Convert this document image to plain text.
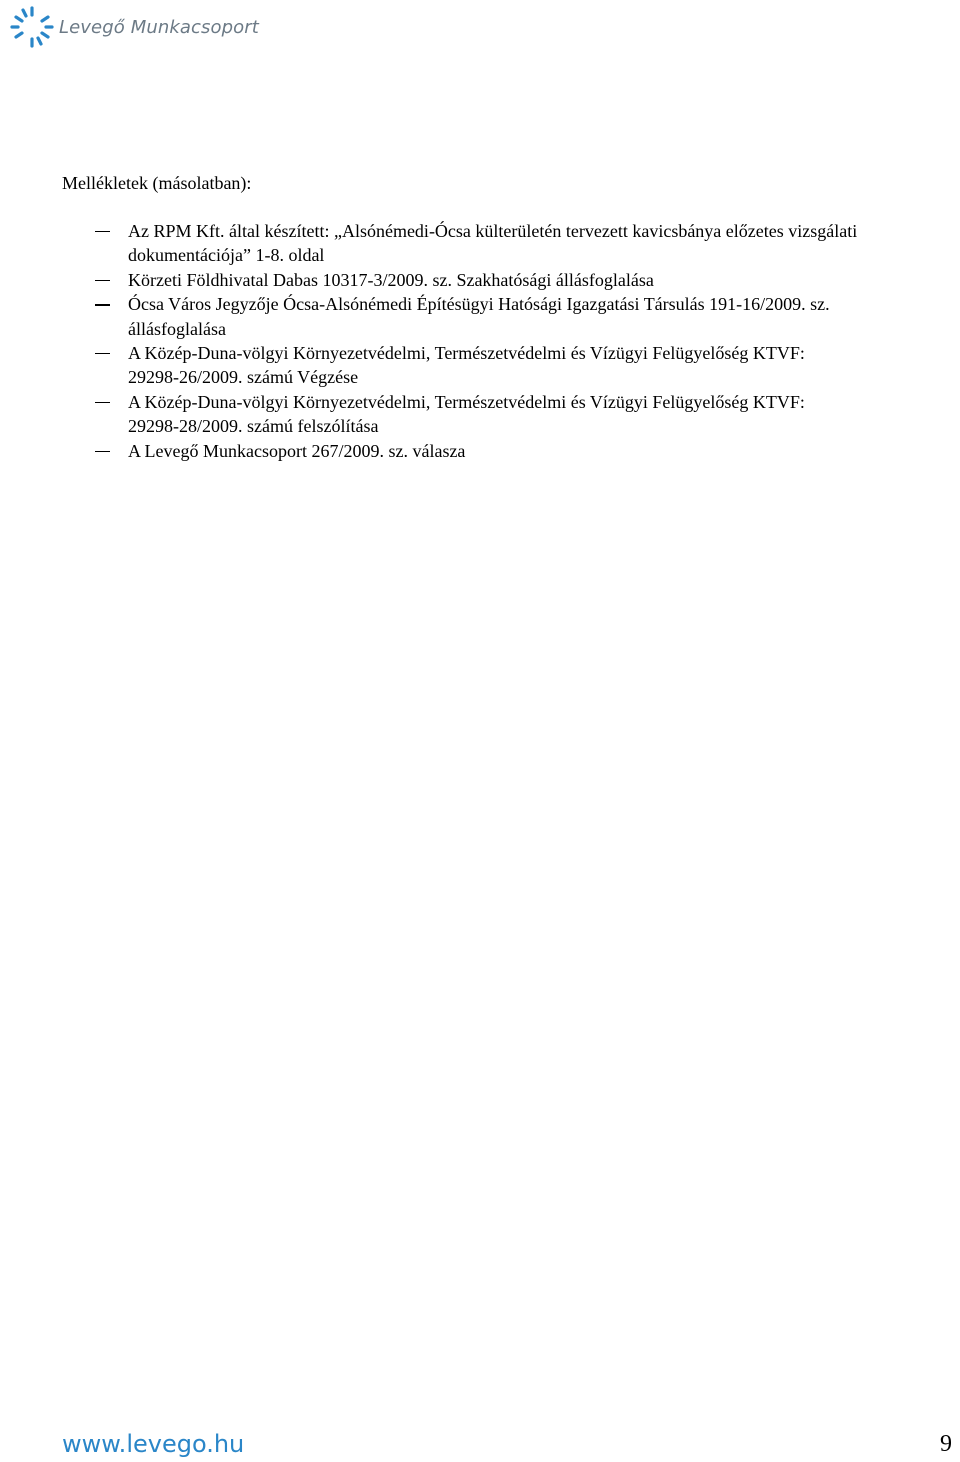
Levegő Munkacsoport
Mellékletek (másolatban):
Az RPM Kft. által készített: „Alsónémedi-Ócsa külterületén tervezett kavicsbánya előzetes vizsgálati
dokumentációja” 1-8. oldal
Körzeti Földhivatal Dabas 10317-3/2009. sz. Szakhatósági állásfoglalása
Ócsa Város Jegyzője Ócsa-Alsónémedi Építésügyi Hatósági Igazgatási Társulás 191-16/2009. sz.
állásfoglalása
A Közép-Duna-völgyi Környezetvédelmi, Természetvédelmi és Vízügyi Felügyelőség KTVF:
29298-26/2009. számú Végzése
A Közép-Duna-völgyi Környezetvédelmi, Természetvédelmi és Vízügyi Felügyelőség KTVF:
29298-28/2009. számú felszólítása
A Levegő Munkacsoport 267/2009. sz. válasza
www.levego.hu	9
